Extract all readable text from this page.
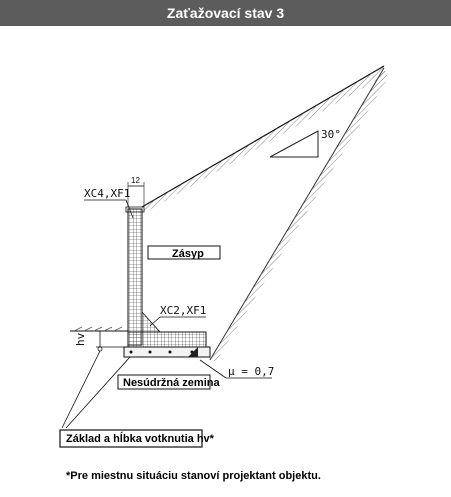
Zaťažovací stav 3
30°
hv
12
XC4,XF1
XC2,XF1
Zásyp
μ = 0,7
Nesúdržná zemina
Základ a hĺbka votknutia hv*
*Pre miestnu situáciu stanoví projektant objektu.
